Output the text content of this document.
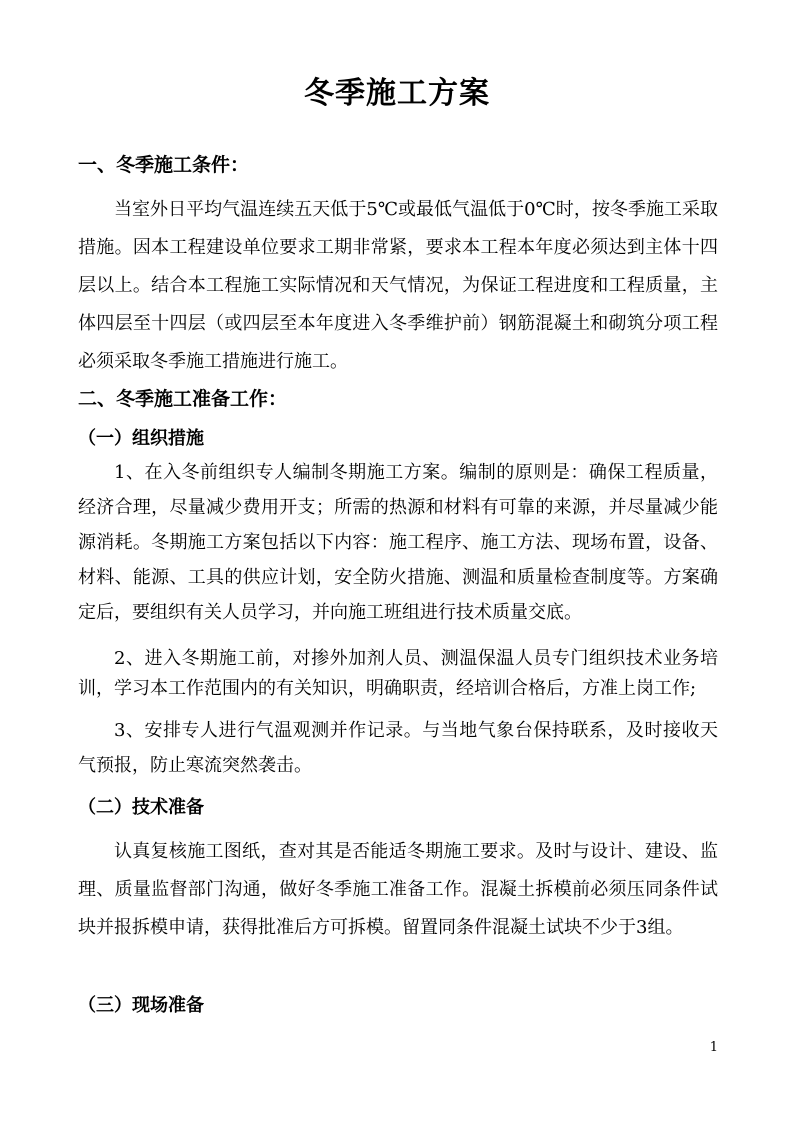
冬季施工方案
一、冬季施工条件：
当室外日平均气温连续五天低于5℃或最低气温低于0℃时，按冬季施工采取措施。因本工程建设单位要求工期非常紧，要求本工程本年度必须达到主体十四层以上。结合本工程施工实际情况和天气情况，为保证工程进度和工程质量，主体四层至十四层（或四层至本年度进入冬季维护前）钢筋混凝土和砌筑分项工程必须采取冬季施工措施进行施工。
二、冬季施工准备工作：
（一）组织措施
1、在入冬前组织专人编制冬期施工方案。编制的原则是：确保工程质量，经济合理，尽量减少费用开支；所需的热源和材料有可靠的来源，并尽量减少能源消耗。冬期施工方案包括以下内容：施工程序、施工方法、现场布置，设备、材料、能源、工具的供应计划，安全防火措施、测温和质量检查制度等。方案确定后，要组织有关人员学习，并向施工班组进行技术质量交底。
2、进入冬期施工前，对掺外加剂人员、测温保温人员专门组织技术业务培训，学习本工作范围内的有关知识，明确职责，经培训合格后，方准上岗工作;
3、安排专人进行气温观测并作记录。与当地气象台保持联系，及时接收天气预报，防止寒流突然袭击。
（二）技术准备
认真复核施工图纸，查对其是否能适冬期施工要求。及时与设计、建设、监理、质量监督部门沟通，做好冬季施工准备工作。混凝土拆模前必须压同条件试块并报拆模申请，获得批准后方可拆模。留置同条件混凝土试块不少于3组。
（三）现场准备
1
